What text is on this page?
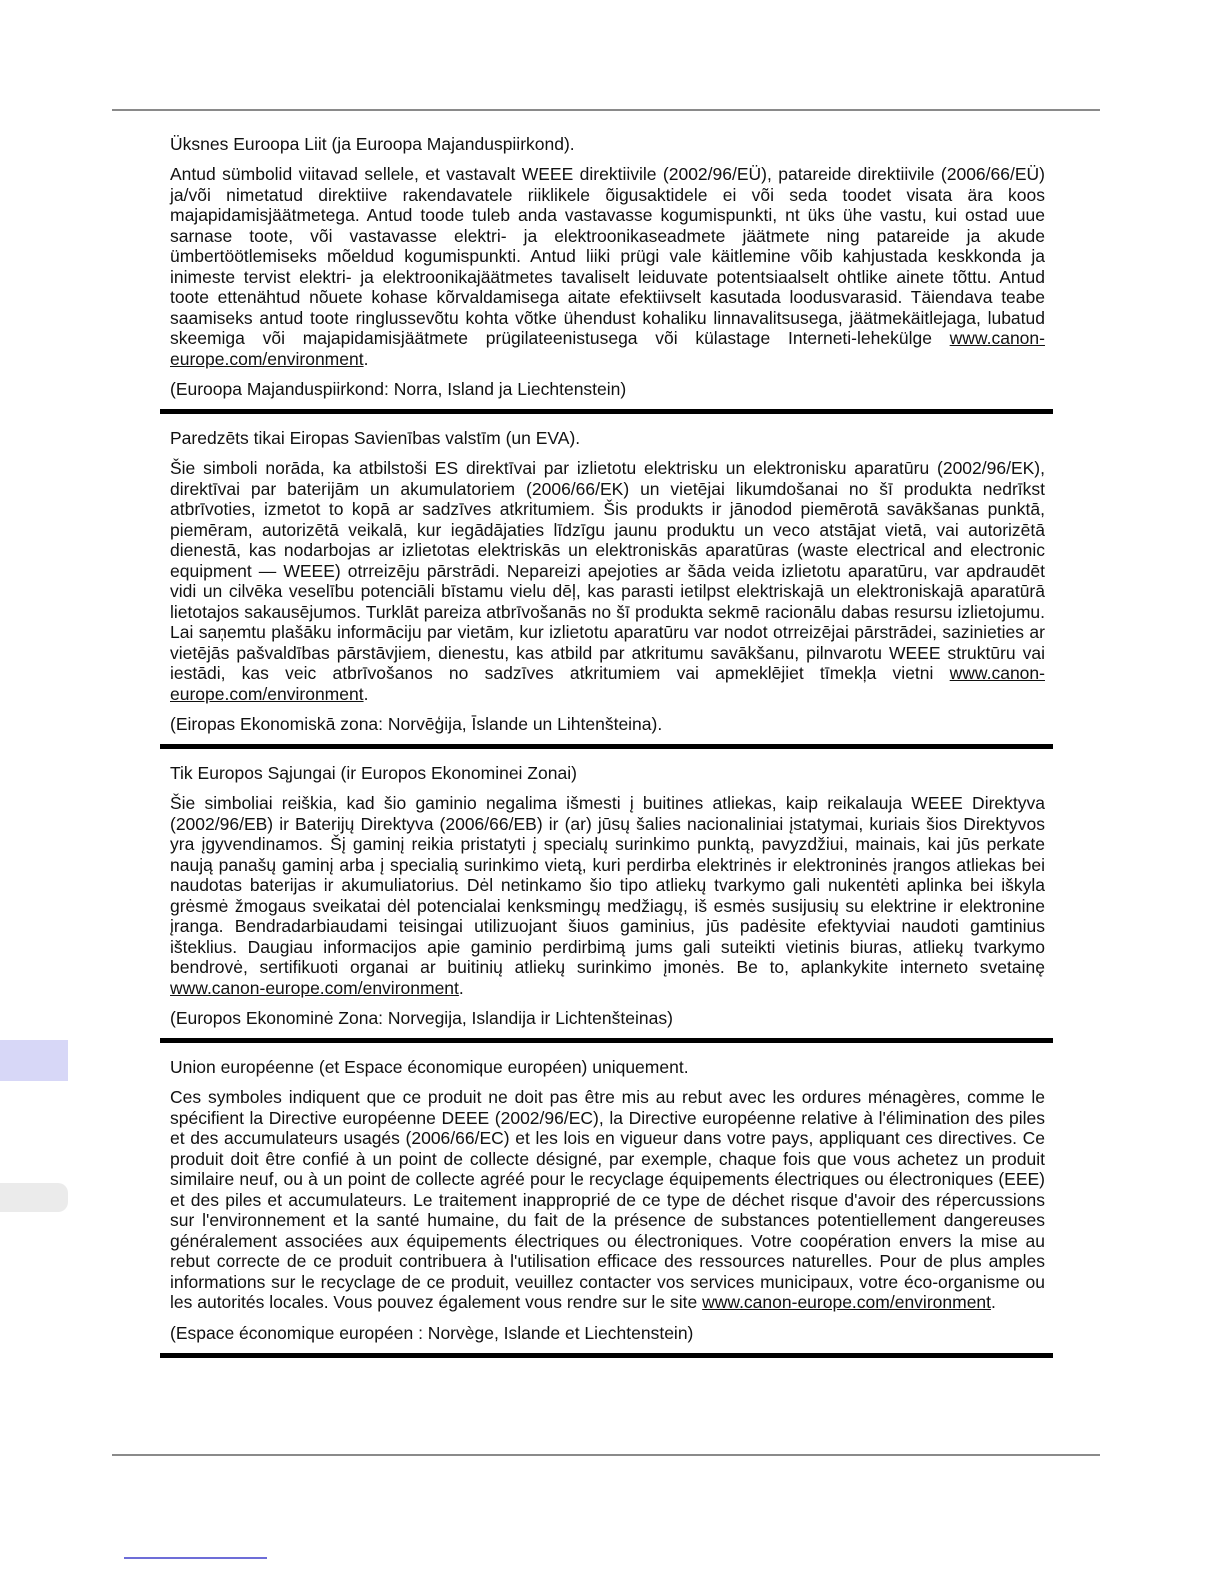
Üksnes Euroopa Liit (ja Euroopa Majanduspiirkond).

Antud sümbolid viitavad sellele, et vastavalt WEEE direktiivile (2002/96/EÜ), patareide direktiivile (2006/66/EÜ) ja/või nimetatud direktiive rakendavatele riiklikele õigusaktidele ei või seda toodet visata ära koos majapidamisjäätmetega. Antud toode tuleb anda vastavasse kogumispunkti, nt üks ühe vastu, kui ostad uue sarnase toote, või vastavasse elektri- ja elektroonikaseadmete jäätmete ning patareide ja akude ümbertöötlemiseks mõeldud kogumispunkti. Antud liiki prügi vale käitlemine võib kahjustada keskkonda ja inimeste tervist elektri- ja elektroonikajäätmetes tavaliselt leiduvate potentsiaalselt ohtlike ainete tõttu. Antud toote ettenähtud nõuete kohase kõrvaldamisega aitate efektiivselt kasutada loodusvarasid. Täiendava teabe saamiseks antud toote ringlussevõtu kohta võtke ühendust kohaliku linnavalitsusega, jäätmekäitlejaga, lubatud skeemiga või majapidamisjäätmete prügilateenistusega või külastage Interneti-lehekülge www.canon-europe.com/environment.

(Euroopa Majanduspiirkond: Norra, Island ja Liechtenstein)

Paredzēts tikai Eiropas Savienības valstīm (un EVA).

Šie simboli norāda, ka atbilstoši ES direktīvai par izlietotu elektrisku un elektronisku aparatūru (2002/96/EK), direktīvai par baterijām un akumulatoriem (2006/66/EK) un vietējai likumdošanai no šī produkta nedrīkst atbrīvoties, izmetot to kopā ar sadzīves atkritumiem. Šis produkts ir jānodod piemērotā savākšanas punktā, piemēram, autorizētā veikalā, kur iegādājaties līdzīgu jaunu produktu un veco atstājat vietā, vai autorizētā dienestā, kas nodarbojas ar izlietotas elektriskās un elektroniskās aparatūras (waste electrical and electronic equipment — WEEE) otrreizēju pārstrādi. Nepareizi apejoties ar šāda veida izlietotu aparatūru, var apdraudēt vidi un cilvēka veselību potenciāli bīstamu vielu dēļ, kas parasti ietilpst elektriskajā un elektroniskajā aparatūrā lietotajos sakausējumos. Turklāt pareiza atbrīvošanās no šī produkta sekmē racionālu dabas resursu izlietojumu. Lai saņemtu plašāku informāciju par vietām, kur izlietotu aparatūru var nodot otrreizējai pārstrādei, sazinieties ar vietējās pašvaldības pārstāvjiem, dienestu, kas atbild par atkritumu savākšanu, pilnvarotu WEEE struktūru vai iestādi, kas veic atbrīvošanos no sadzīves atkritumiem vai apmeklējiet tīmekļa vietni www.canon-europe.com/environment.

(Eiropas Ekonomiskā zona: Norvēģija, Īslande un Lihtenšteina).

Tik Europos Sąjungai (ir Europos Ekonominei Zonai)

Šie simboliai reiškia, kad šio gaminio negalima išmesti į buitines atliekas, kaip reikalauja WEEE Direktyva (2002/96/EB) ir Baterijų Direktyva (2006/66/EB) ir (ar) jūsų šalies nacionaliniai įstatymai, kuriais šios Direktyvos yra įgyvendinamos. Šį gaminį reikia pristatyti į specialų surinkimo punktą, pavyzdžiui, mainais, kai jūs perkate naują panašų gaminį arba į specialią surinkimo vietą, kuri perdirba elektrinės ir elektroninės įrangos atliekas bei naudotas baterijas ir akumuliatorius. Dėl netinkamo šio tipo atliekų tvarkymo gali nukentėti aplinka bei iškyla grėsmė žmogaus sveikatai dėl potencialai kenksmingų medžiagų, iš esmės susijusių su elektrine ir elektronine įranga. Bendradarbiaudami teisingai utilizuojant šiuos gaminius, jūs padėsite efektyviai naudoti gamtinius išteklius. Daugiau informacijos apie gaminio perdirbimą jums gali suteikti vietinis biuras, atliekų tvarkymo bendrovė, sertifikuoti organai ar buitinių atliekų surinkimo įmonės. Be to, aplankykite interneto svetainę www.canon-europe.com/environment.

(Europos Ekonominė Zona: Norvegija, Islandija ir Lichtenšteinas)

Union européenne (et Espace économique européen) uniquement.

Ces symboles indiquent que ce produit ne doit pas être mis au rebut avec les ordures ménagères, comme le spécifient la Directive européenne DEEE (2002/96/EC), la Directive européenne relative à l'élimination des piles et des accumulateurs usagés (2006/66/EC) et les lois en vigueur dans votre pays, appliquant ces directives. Ce produit doit être confié à un point de collecte désigné, par exemple, chaque fois que vous achetez un produit similaire neuf, ou à un point de collecte agréé pour le recyclage équipements électriques ou électroniques (EEE) et des piles et accumulateurs. Le traitement inapproprié de ce type de déchet risque d'avoir des répercussions sur l'environnement et la santé humaine, du fait de la présence de substances potentiellement dangereuses généralement associées aux équipements électriques ou électroniques. Votre coopération envers la mise au rebut correcte de ce produit contribuera à l'utilisation efficace des ressources naturelles. Pour de plus amples informations sur le recyclage de ce produit, veuillez contacter vos services municipaux, votre éco-organisme ou les autorités locales. Vous pouvez également vous rendre sur le site www.canon-europe.com/environment.

(Espace économique européen : Norvège, Islande et Liechtenstein)
